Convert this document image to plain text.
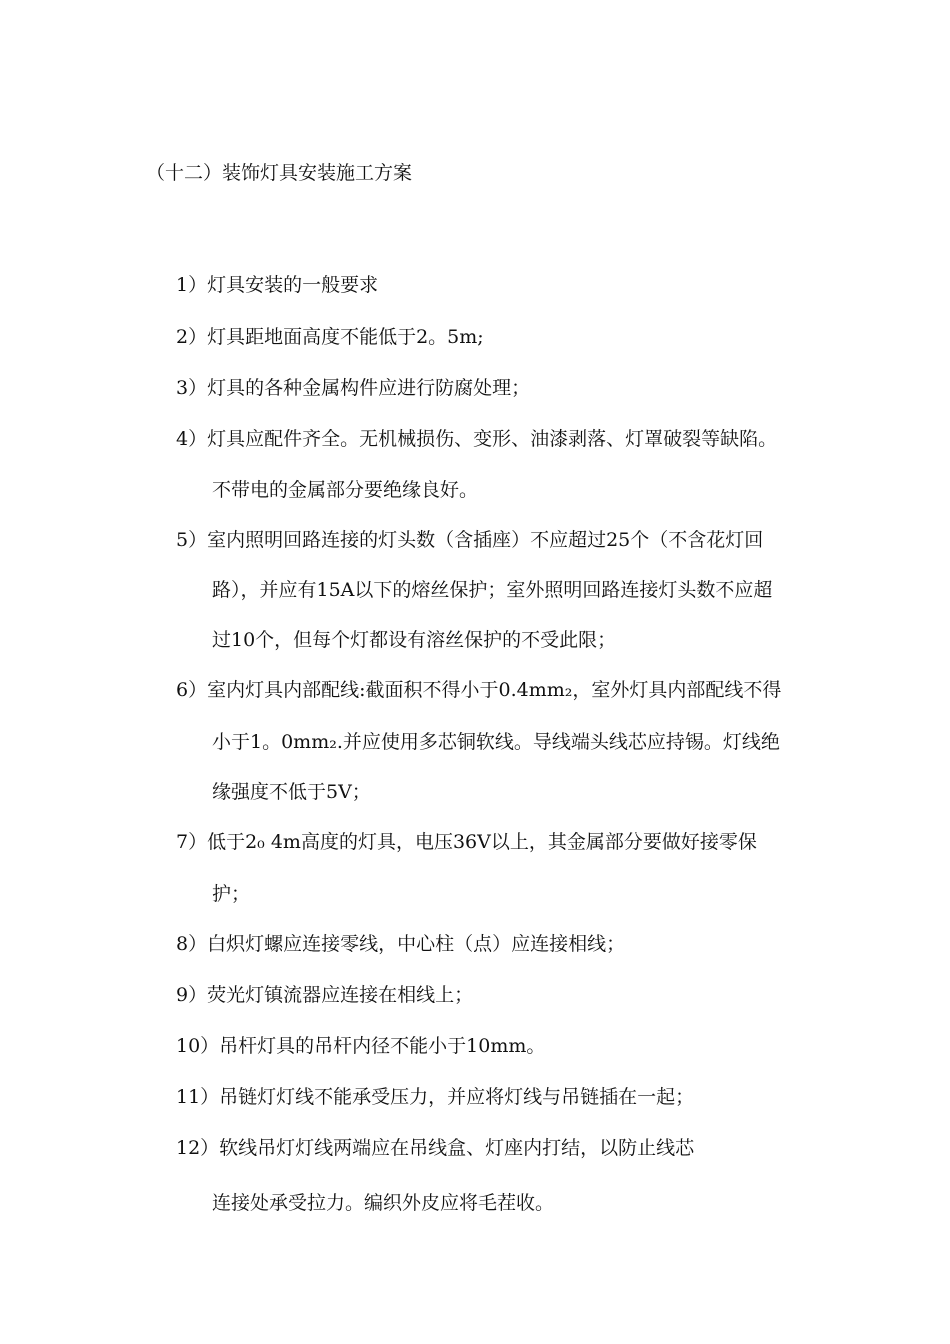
（十二）装饰灯具安装施工方案
1）灯具安装的一般要求
2）灯具距地面高度不能低于2。5m;
3）灯具的各种金属构件应进行防腐处理；
4）灯具应配件齐全。无机械损伤、变形、油漆剥落、灯罩破裂等缺陷。
不带电的金属部分要绝缘良好。
5）室内照明回路连接的灯头数（含插座）不应超过25个（不含花灯回
路），并应有15A以下的熔丝保护；室外照明回路连接灯头数不应超
过10个，但每个灯都设有溶丝保护的不受此限；
6）室内灯具内部配线:截面积不得小于0.4mm₂，室外灯具内部配线不得
小于1。0mm₂.并应使用多芯铜软线。导线端头线芯应持锡。灯线绝
缘强度不低于5V；
7）低于2₀ 4m高度的灯具，电压36V以上，其金属部分要做好接零保
护；
8）白炽灯螺应连接零线，中心柱（点）应连接相线；
9）荧光灯镇流器应连接在相线上；
10）吊杆灯具的吊杆内径不能小于10mm。
11）吊链灯灯线不能承受压力，并应将灯线与吊链插在一起；
12）软线吊灯灯线两端应在吊线盒、灯座内打结，以防止线芯
连接处承受拉力。编织外皮应将毛茬收。
